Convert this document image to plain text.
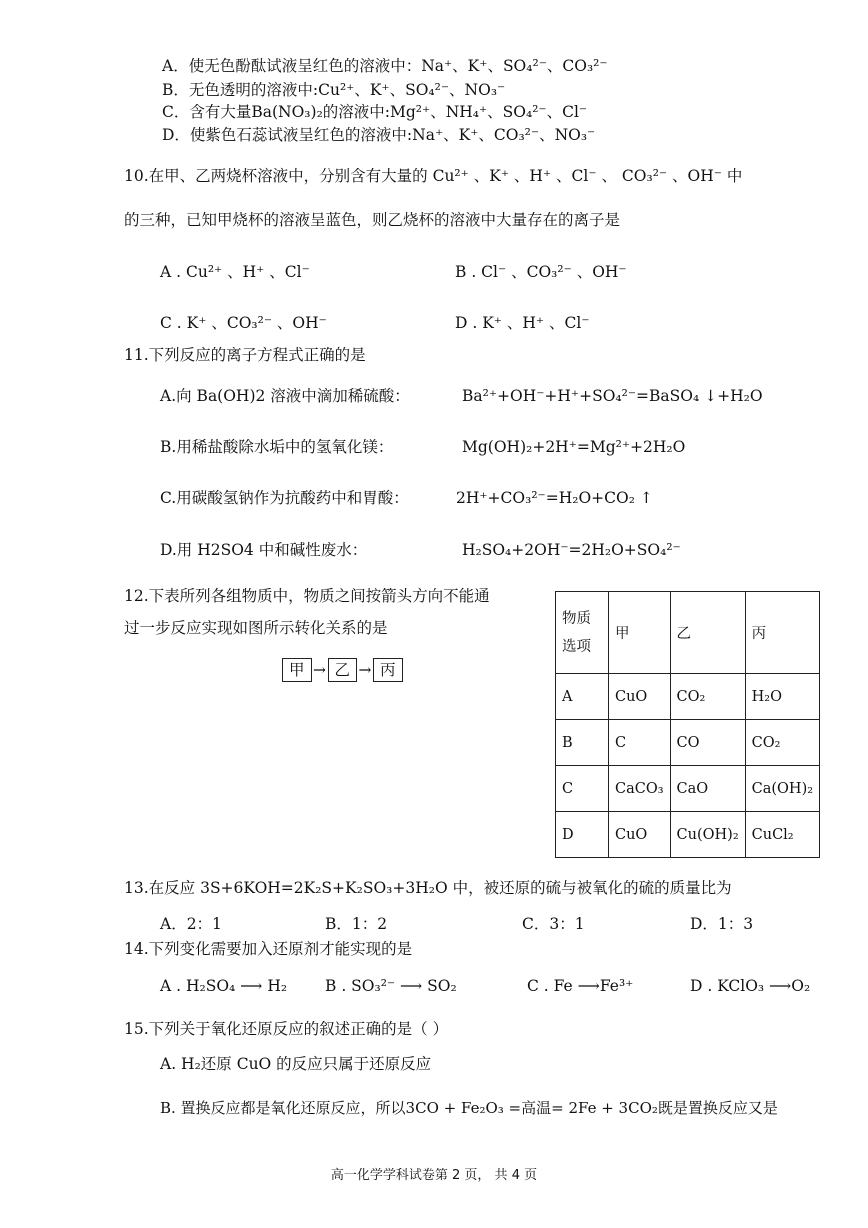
A．使无色酚酞试液呈红色的溶液中：Na⁺、K⁺、SO₄²⁻、CO₃²⁻
B．无色透明的溶液中:Cu²⁺、K⁺、SO₄²⁻、NO₃⁻
C．含有大量Ba(NO₃)₂的溶液中:Mg²⁺、NH₄⁺、SO₄²⁻、Cl⁻
D．使紫色石蕊试液呈红色的溶液中:Na⁺、K⁺、CO₃²⁻、NO₃⁻
10.在甲、乙两烧杯溶液中，分别含有大量的 Cu²⁺ 、K⁺ 、H⁺ 、Cl⁻ 、 CO₃²⁻ 、OH⁻ 中
的三种，已知甲烧杯的溶液呈蓝色，则乙烧杯的溶液中大量存在的离子是
A . Cu²⁺ 、H⁺ 、Cl⁻	B . Cl⁻ 、CO₃²⁻ 、OH⁻
C . K⁺ 、CO₃²⁻ 、OH⁻	D . K⁺ 、H⁺ 、Cl⁻
11.下列反应的离子方程式正确的是
A.向 Ba(OH)2 溶液中滴加稀硫酸：	Ba²⁺+OH⁻+H⁺+SO₄²⁻=BaSO₄ ↓+H₂O
B.用稀盐酸除水垢中的氢氧化镁：	Mg(OH)₂+2H⁺=Mg²⁺+2H₂O
C.用碳酸氢钠作为抗酸药中和胃酸：	2H⁺+CO₃²⁻=H₂O+CO₂ ↑
D.用 H2SO4 中和碱性废水：	H₂SO₄+2OH⁻=2H₂O+SO₄²⁻
12.下表所列各组物质中，物质之间按箭头方向不能通
过一步反应实现如图所示转化关系的是
甲 → 乙 → 丙
物质
选项	甲	乙	丙
A	CuO	CO₂	H₂O
B	C	CO	CO₂
C	CaCO₃	CaO	Ca(OH)₂
D	CuO	Cu(OH)₂	CuCl₂
13.在反应 3S+6KOH=2K₂S+K₂SO₃+3H₂O 中，被还原的硫与被氧化的硫的质量比为
A．2：1	B．1：2	C．3：1	D．1：3
14.下列变化需要加入还原剂才能实现的是
A . H₂SO₄ ⟶ H₂ B . SO₃²⁻ ⟶ SO₂	C . Fe ⟶Fe³⁺	D . KClO₃ ⟶O₂
15.下列关于氧化还原反应的叙述正确的是（ ）
A. H₂还原 CuO 的反应只属于还原反应
B. 置换反应都是氧化还原反应，所以3CO + Fe₂O₃ =高温= 2Fe + 3CO₂既是置换反应又是
高一化学学科试卷第 2 页， 共 4 页
